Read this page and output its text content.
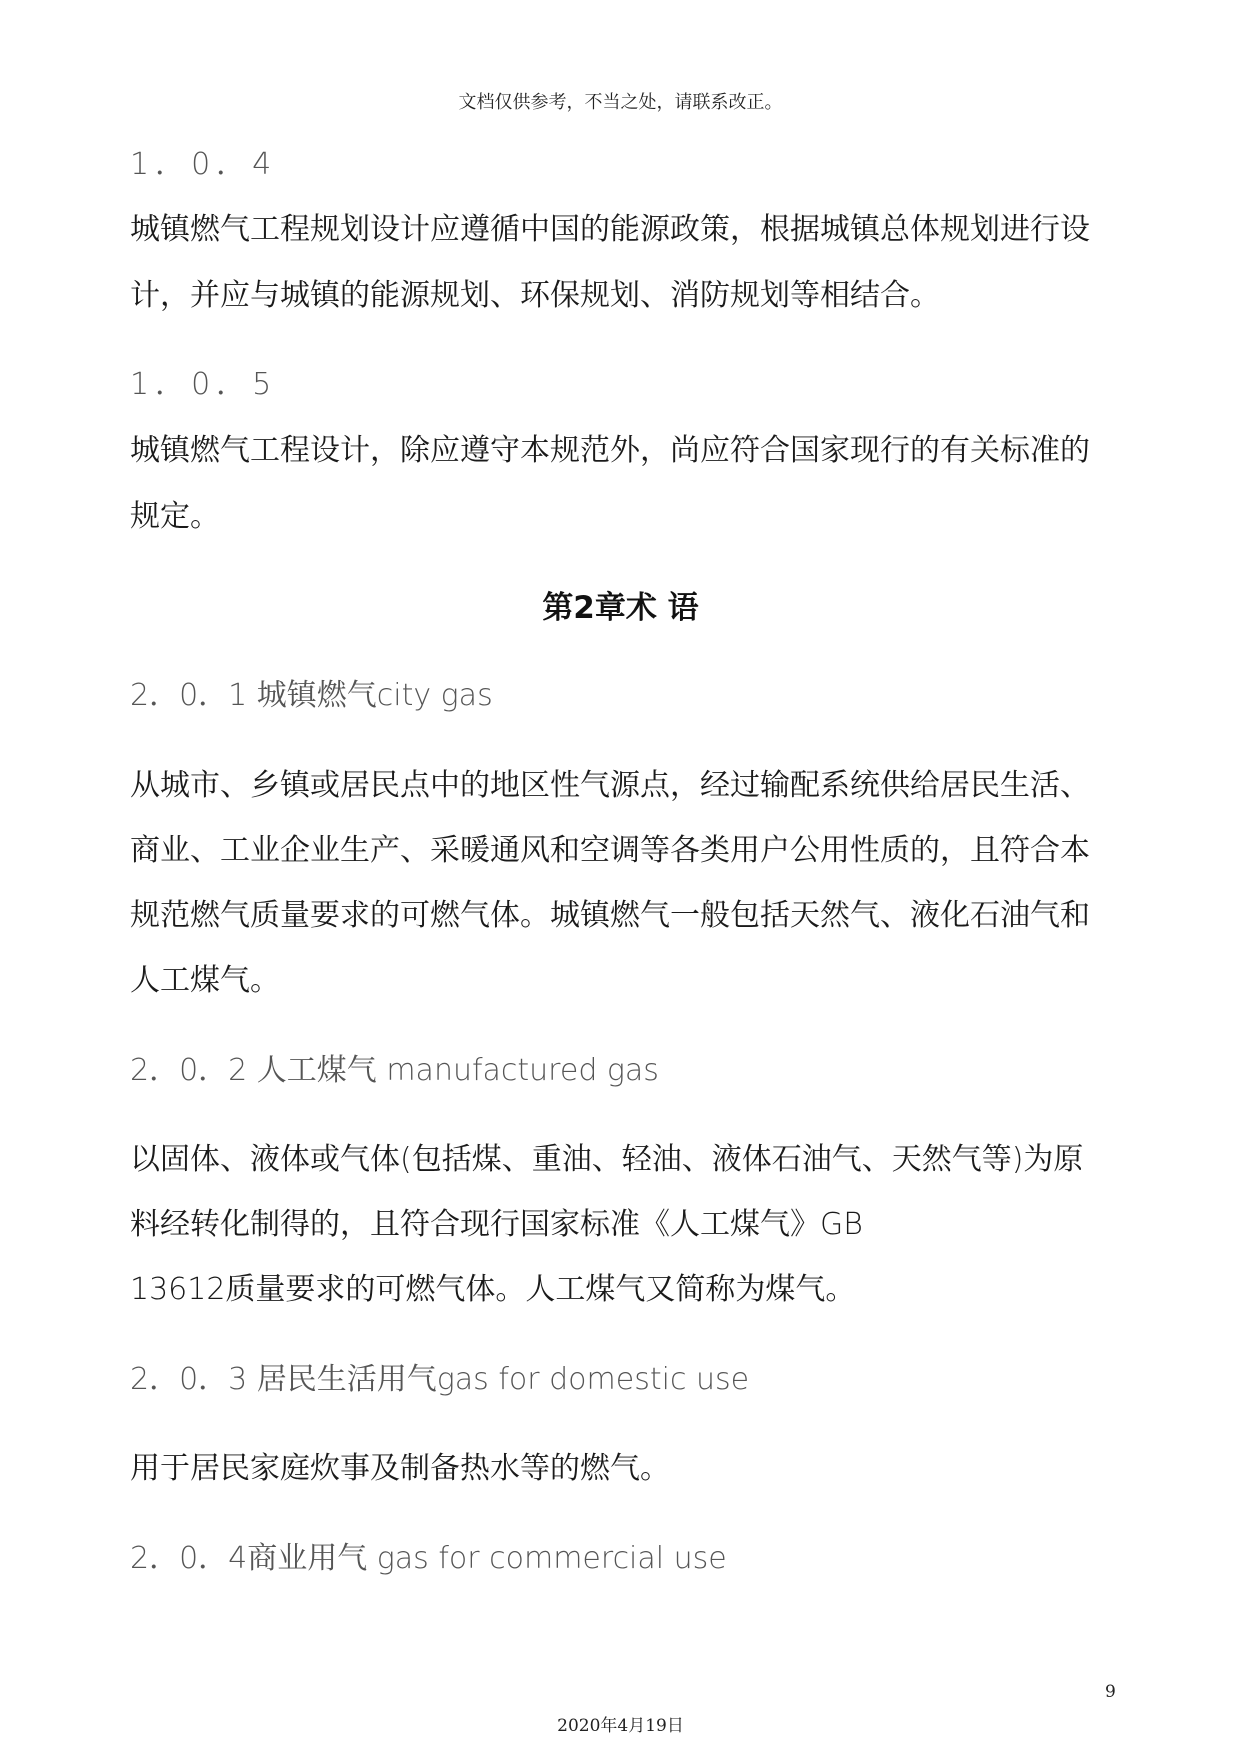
文档仅供参考，不当之处，请联系改正。
1．0．4
城镇燃气工程规划设计应遵循中国的能源政策，根据城镇总体规划进行设
计，并应与城镇的能源规划、环保规划、消防规划等相结合。
1．0．5
城镇燃气工程设计，除应遵守本规范外，尚应符合国家现行的有关标准的
规定。
第2章术 语
2．0．1 城镇燃气city gas
从城市、乡镇或居民点中的地区性气源点，经过输配系统供给居民生活、
商业、工业企业生产、采暖通风和空调等各类用户公用性质的，且符合本
规范燃气质量要求的可燃气体。城镇燃气一般包括天然气、液化石油气和
人工煤气。
2．0．2 人工煤气 manufactured gas
以固体、液体或气体(包括煤、重油、轻油、液体石油气、天然气等)为原
料经转化制得的，且符合现行国家标准《人工煤气》GB
13612质量要求的可燃气体。人工煤气又简称为煤气。
2．0．3 居民生活用气gas for domestic use
用于居民家庭炊事及制备热水等的燃气。
2．0．4商业用气 gas for commercial use
9
2020年4月19日
